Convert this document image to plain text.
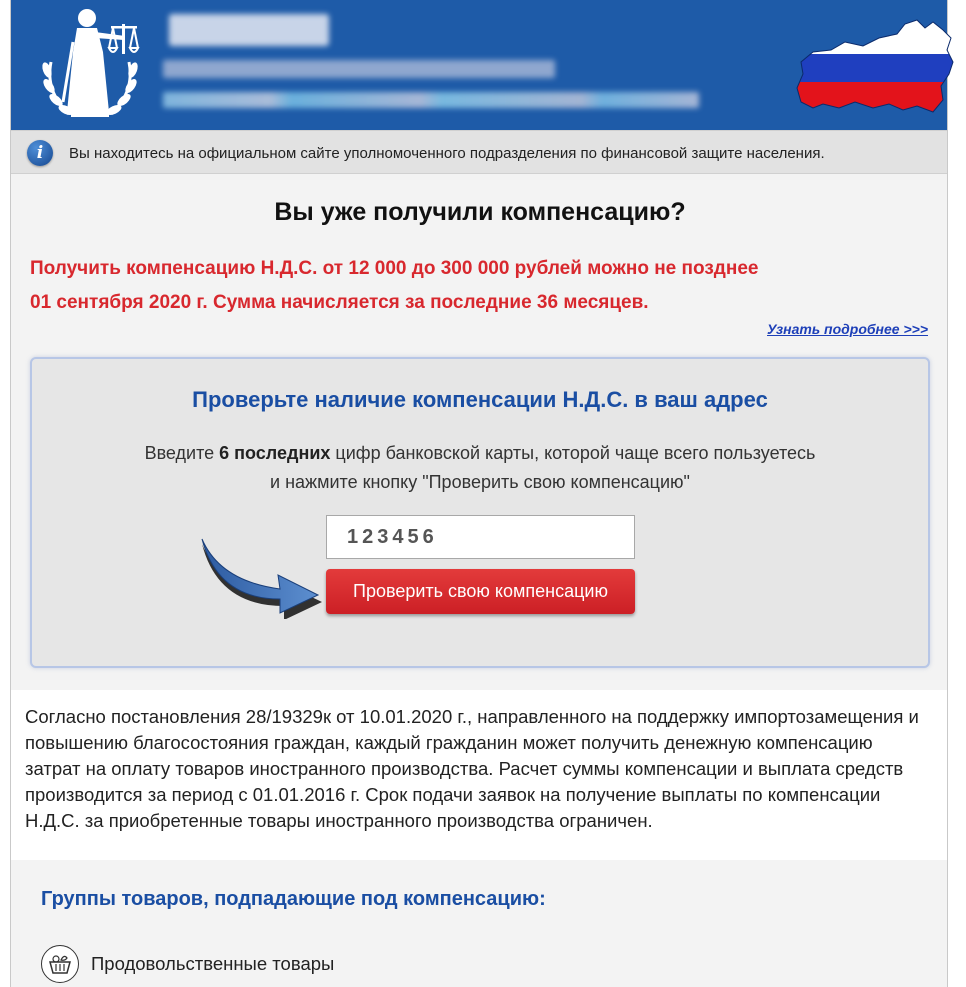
i	Вы находитесь на официальном сайте уполномоченного подразделения по финансовой защите населения.
Вы уже получили компенсацию?
Получить компенсацию Н.Д.С. от 12 000 до 300 000 рублей можно не позднее
01 сентября 2020 г. Сумма начисляется за последние 36 месяцев.
Узнать подробнее >>>
Проверьте наличие компенсации Н.Д.С. в ваш адрес
Введите 6 последних цифр банковской карты, которой чаще всего пользуетесь
и нажмите кнопку "Проверить свою компенсацию"
123456
Проверить свою компенсацию
Согласно постановления 28/19329к от 10.01.2020 г., направленного на поддержку импортозамещения и повышению благосостояния граждан, каждый гражданин может получить денежную компенсацию затрат на оплату товаров иностранного производства. Расчет суммы компенсации и выплата средств производится за период с 01.01.2016 г. Срок подачи заявок на получение выплаты по компенсации Н.Д.С. за приобретенные товары иностранного производства ограничен.
Группы товаров, подпадающие под компенсацию:
Продовольственные товары
